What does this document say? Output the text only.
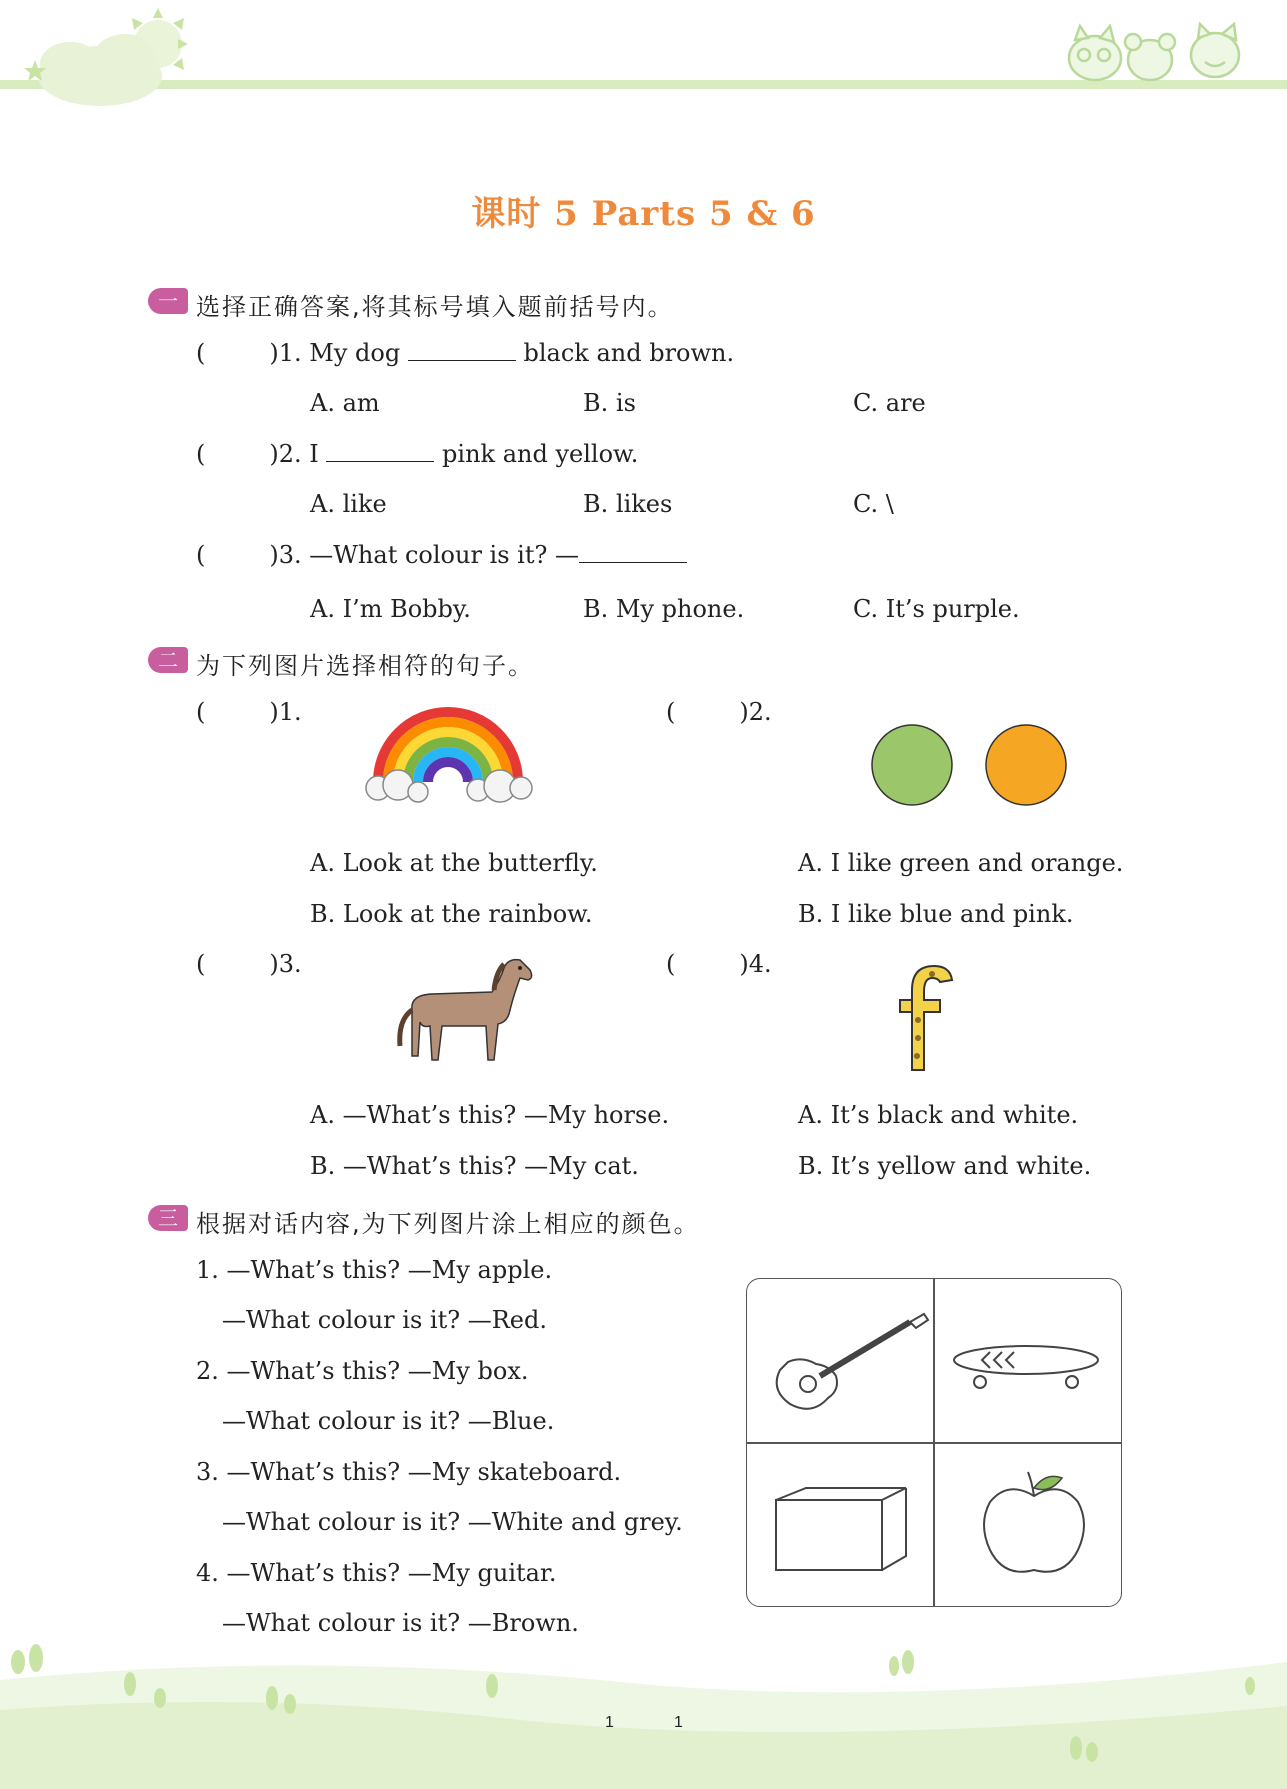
课时 5 Parts 5 & 6
一 选择正确答案,将其标号填入题前括号内。
(	)1. My dog	black and brown.
A. am	B. is	C. are
(	)2. I	pink and yellow.
A. like	B. likes	C. \
(	)3. —What colour is it? —
A. I’m Bobby.	B. My phone.	C. It’s purple.
二 为下列图片选择相符的句子。
(	)1.
A. Look at the butterfly.
B. Look at the rainbow.
(	)2.
A. I like green and orange.
B. I like blue and pink.
(	)3.
A. —What’s this? —My horse.
B. —What’s this? —My cat.
(	)4.
A. It’s black and white.
B. It’s yellow and white.
三 根据对话内容,为下列图片涂上相应的颜色。
1. —What’s this? —My apple.
—What colour is it? —Red.
2. —What’s this? —My box.
—What colour is it? —Blue.
3. —What’s this? —My skateboard.
—What colour is it? —White and grey.
4. —What’s this? —My guitar.
—What colour is it? —Brown.
1	1
